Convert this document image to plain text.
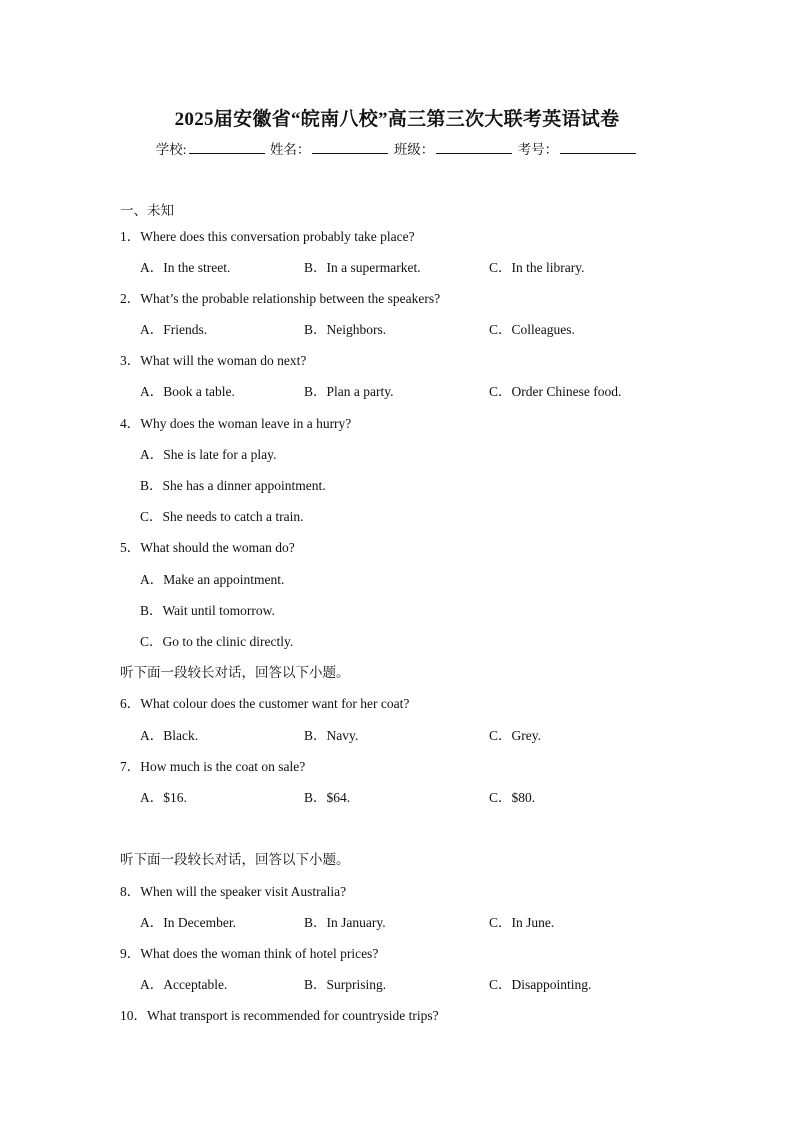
2025届安徽省“皖南八校”高三第三次大联考英语试卷
学校:	姓名：	班级：	考号：
一、未知
1．Where does this conversation probably take place?
A．In the street.	B．In a supermarket.	C．In the library.
2．What’s the probable relationship between the speakers?
A．Friends.	B．Neighbors.	C．Colleagues.
3．What will the woman do next?
A．Book a table.	B．Plan a party.	C．Order Chinese food.
4．Why does the woman leave in a hurry?
A．She is late for a play.
B．She has a dinner appointment.
C．She needs to catch a train.
5．What should the woman do?
A．Make an appointment.
B．Wait until tomorrow.
C．Go to the clinic directly.
听下面一段较长对话，回答以下小题。
6．What colour does the customer want for her coat?
A．Black.	B．Navy.	C．Grey.
7．How much is the coat on sale?
A．$16.	B．$64.	C．$80.
听下面一段较长对话，回答以下小题。
8．When will the speaker visit Australia?
A．In December.	B．In January.	C．In June.
9．What does the woman think of hotel prices?
A．Acceptable.	B．Surprising.	C．Disappointing.
10．What transport is recommended for countryside trips?
